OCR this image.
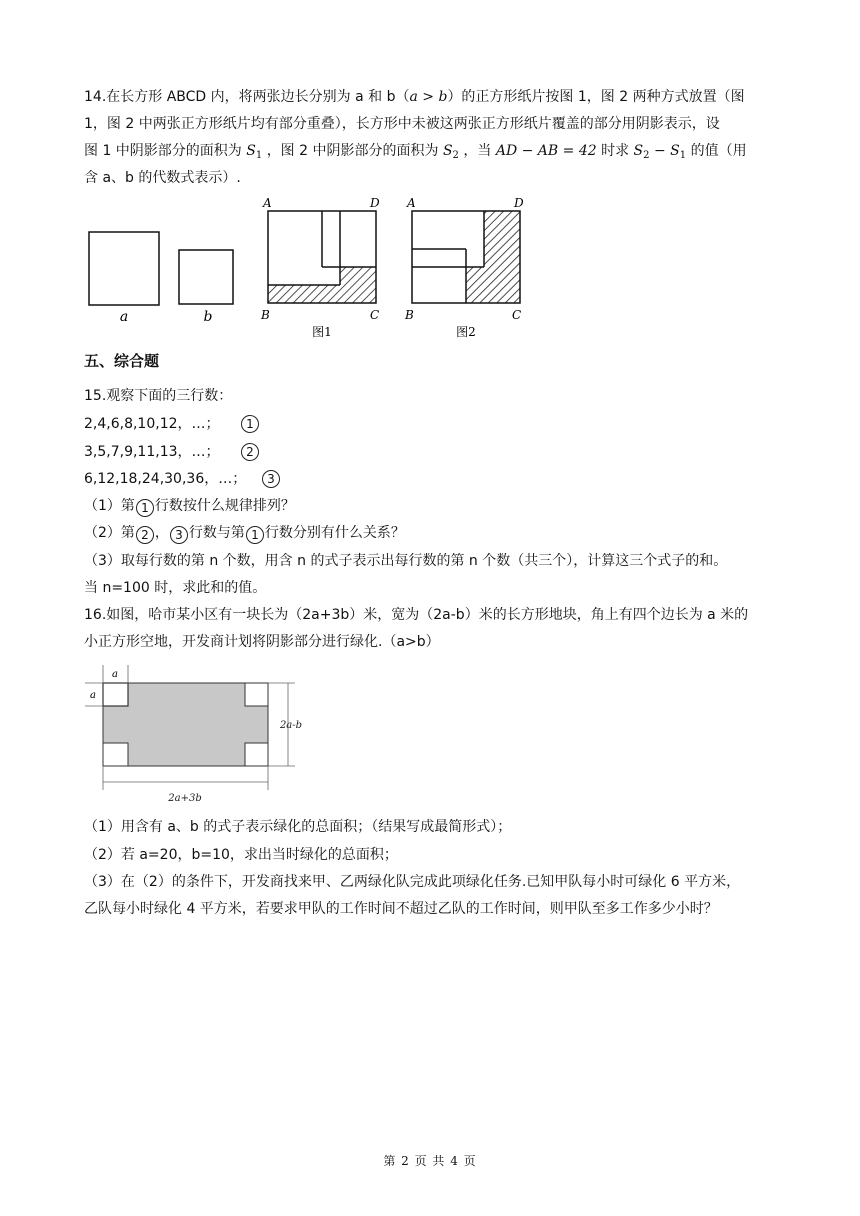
14.在长方形 ABCD 内，将两张边长分别为 a 和 b（a > b）的正方形纸片按图 1，图 2 两种方式放置（图

1，图 2 中两张正方形纸片均有部分重叠），长方形中未被这两张正方形纸片覆盖的部分用阴影表示，设

图 1 中阴影部分的面积为 $S_1$ ，图 2 中阴影部分的面积为 $S_2$ ，当 AD − AB = 42 时求 $S_2 - S_1$ 的值（用

含 a、b 的代数式表示）.

a	b
A	D
B	C
图1
A	D
B	C
图2

五、综合题

15.观察下面的三行数：

2,4,6,8,10,12，…；	1

3,5,7,9,11,13，…；	2

6,12,18,24,30,36，…；	3

（1）第 1 行数按什么规律排列？

（2）第 2 ， 3 行数与第 1 行数分别有什么关系？

（3）取每行数的第 n 个数，用含 n 的式子表示出每行数的第 n 个数（共三个），计算这三个式子的和。

当 n=100 时，求此和的值。

16.如图，哈市某小区有一块长为（2a+3b）米，宽为（2a-b）米的长方形地块，角上有四个边长为 a 米的

小正方形空地，开发商计划将阴影部分进行绿化.（a>b）

a
a
2a-b
2a+3b

（1）用含有 a、b 的式子表示绿化的总面积；（结果写成最简形式）；

（2）若 a=20，b=10，求出当时绿化的总面积；

（3）在（2）的条件下，开发商找来甲、乙两绿化队完成此项绿化任务.已知甲队每小时可绿化 6 平方米，

乙队每小时绿化 4 平方米，若要求甲队的工作时间不超过乙队的工作时间，则甲队至多工作多少小时？

第 2 页 共 4 页
